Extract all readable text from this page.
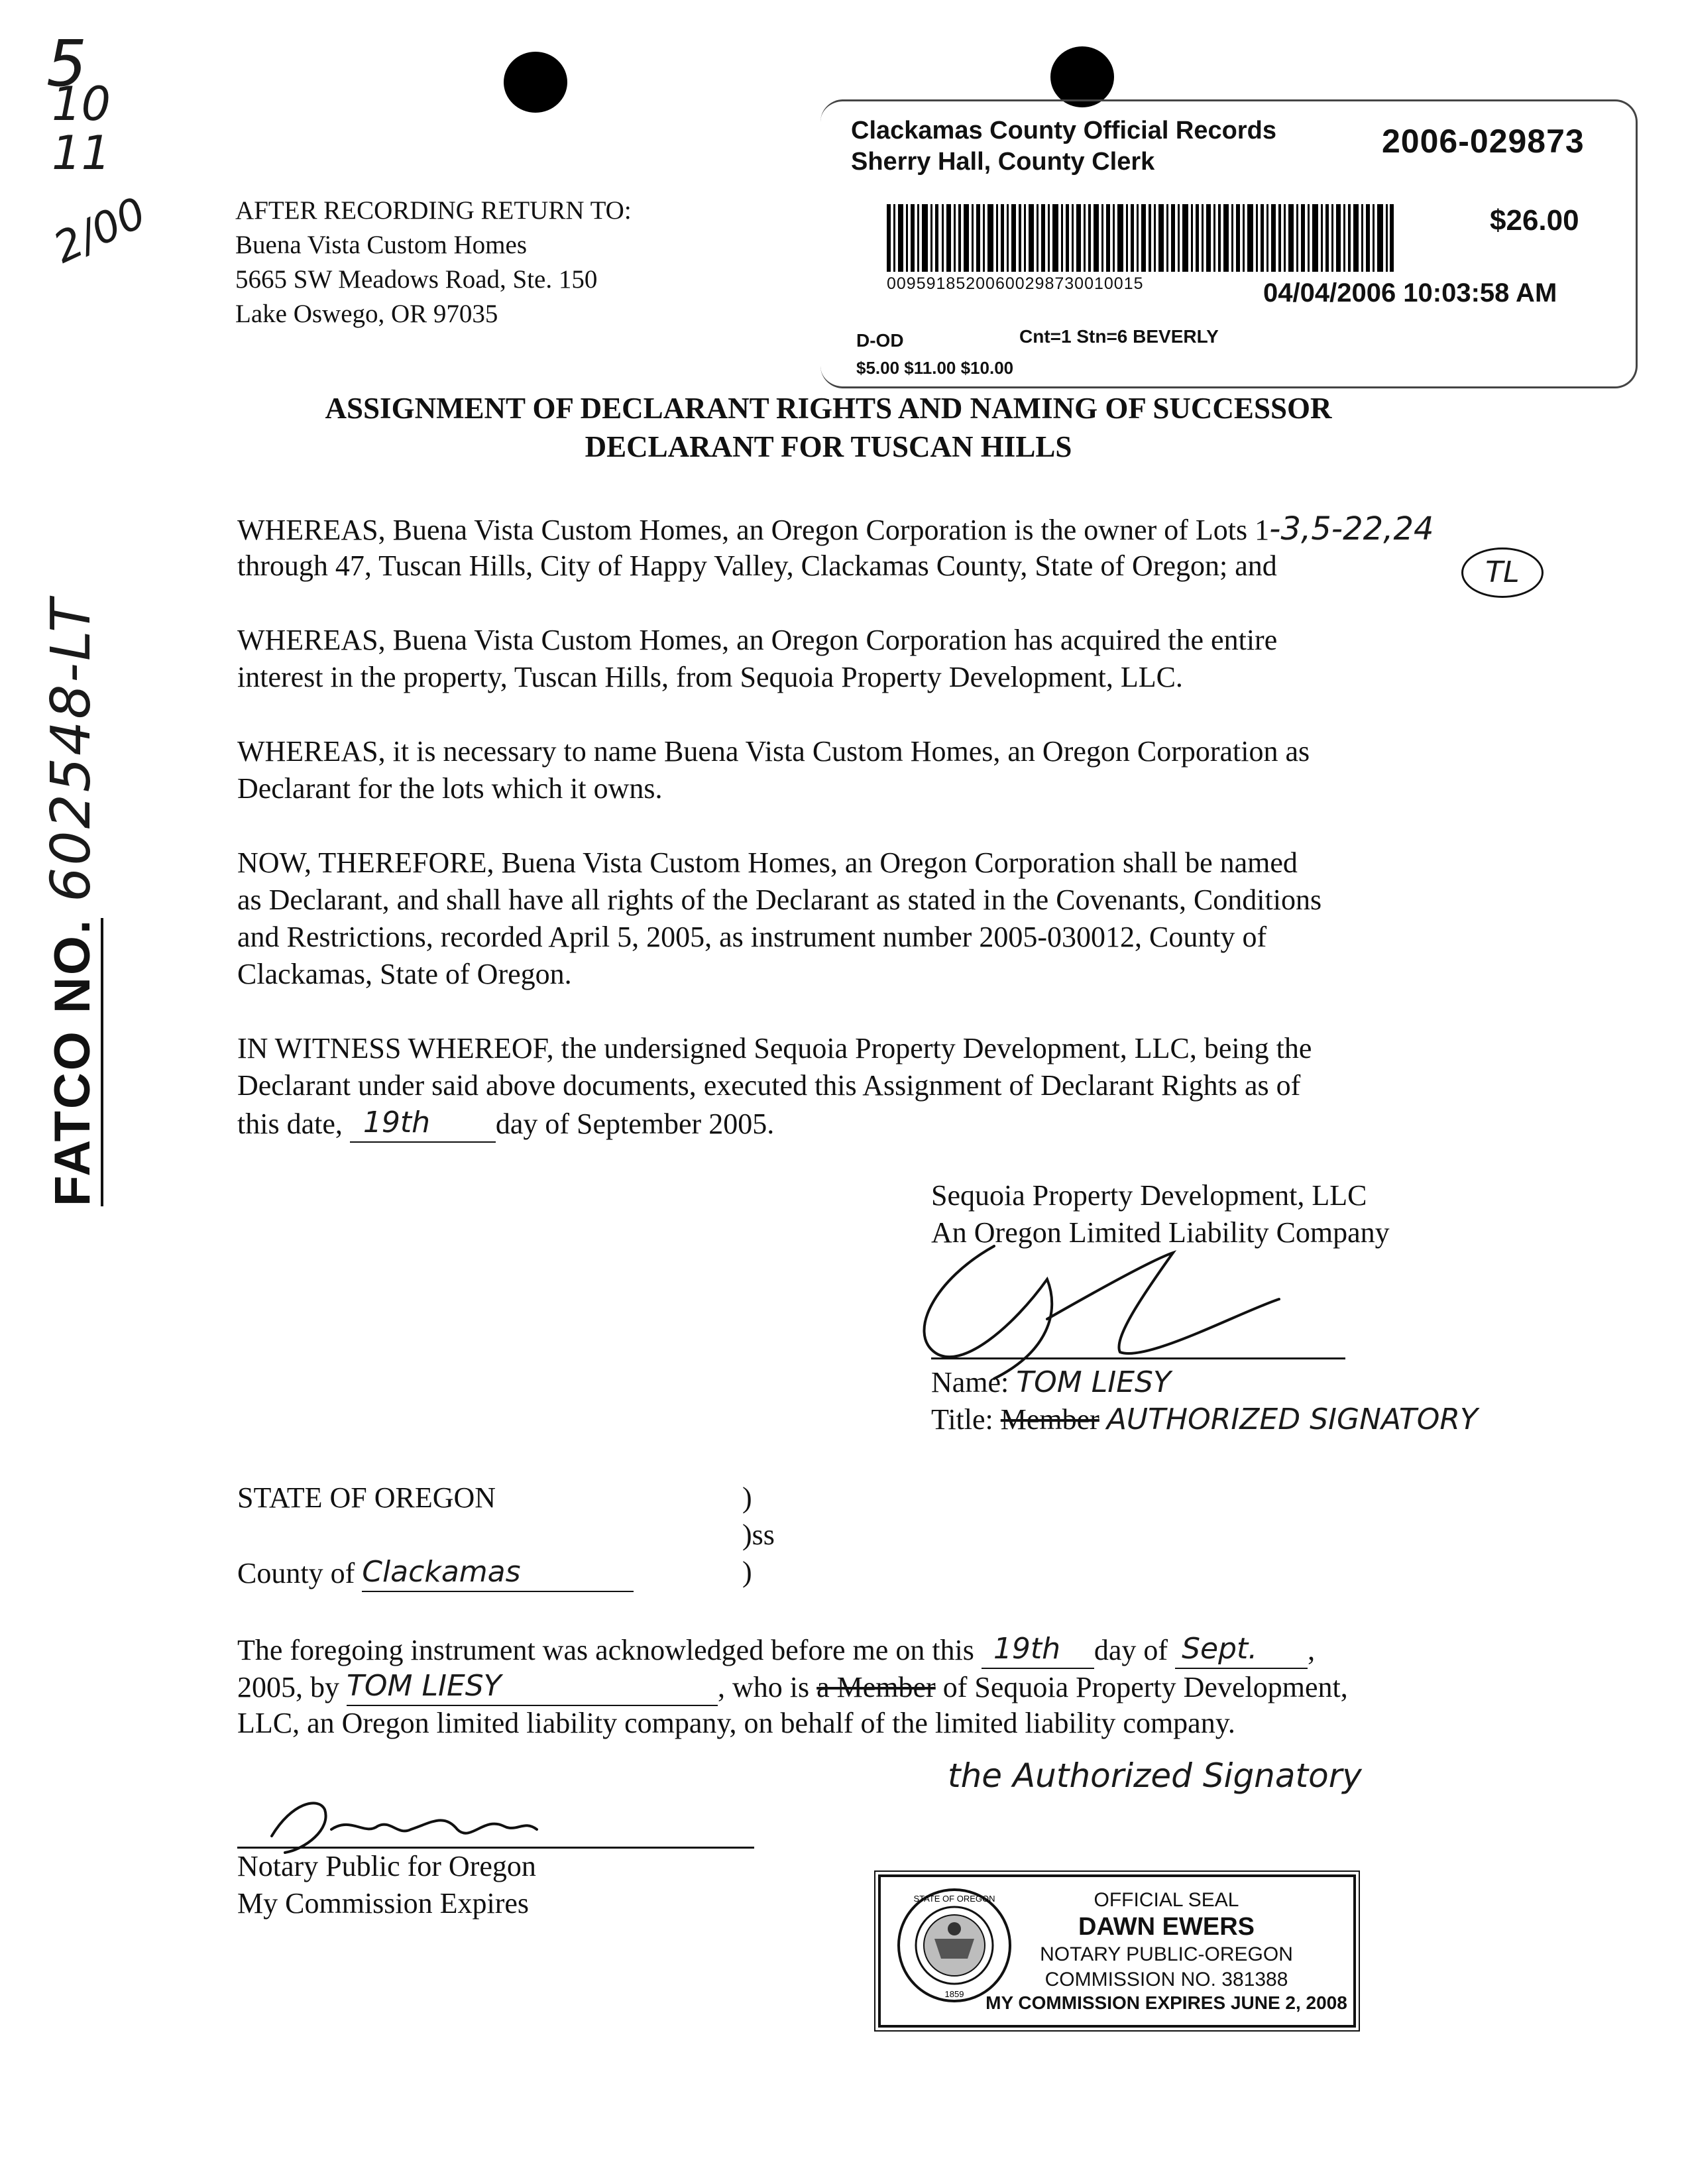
5
10
11
2/00
FATCO NO. 602548-LT
AFTER RECORDING RETURN TO:
Buena Vista Custom Homes
5665 SW Meadows Road, Ste. 150
Lake Oswego, OR 97035
Clackamas County Official Records
Sherry Hall, County Clerk
2006-029873
$26.00
00959185200600298730010015	04/04/2006 10:03:58 AM
D-OD	Cnt=1 Stn=6 BEVERLY
$5.00 $11.00 $10.00
ASSIGNMENT OF DECLARANT RIGHTS AND NAMING OF SUCCESSOR
DECLARANT FOR TUSCAN HILLS
WHEREAS, Buena Vista Custom Homes, an Oregon Corporation is the owner of Lots 1-3,5-22,24
through 47, Tuscan Hills, City of Happy Valley, Clackamas County, State of Oregon; and	TL
WHEREAS, Buena Vista Custom Homes, an Oregon Corporation has acquired the entire
interest in the property, Tuscan Hills, from Sequoia Property Development, LLC.
WHEREAS, it is necessary to name Buena Vista Custom Homes, an Oregon Corporation as
Declarant for the lots which it owns.
NOW, THEREFORE, Buena Vista Custom Homes, an Oregon Corporation shall be named
as Declarant, and shall have all rights of the Declarant as stated in the Covenants, Conditions
and Restrictions, recorded April 5, 2005, as instrument number 2005-030012, County of
Clackamas, State of Oregon.
IN WITNESS WHEREOF, the undersigned Sequoia Property Development, LLC, being the
Declarant under said above documents, executed this Assignment of Declarant Rights as of
this date, 19th day of September 2005.
Sequoia Property Development, LLC
An Oregon Limited Liability Company
Name: TOM LIESY
Title: Member AUTHORIZED SIGNATORY
STATE OF OREGON	)
)ss
)
County of Clackamas
The foregoing instrument was acknowledged before me on this 19th day of Sept. ,
2005, by TOM LIESY	, who is a Member of Sequoia Property Development,
LLC, an Oregon limited liability company, on behalf of the limited liability company.
the Authorized Signatory
Notary Public for Oregon
My Commission Expires	STATE OF OREGON
1859
OFFICIAL SEAL
DAWN EWERS
NOTARY PUBLIC-OREGON
COMMISSION NO. 381388
MY COMMISSION EXPIRES JUNE 2, 2008
